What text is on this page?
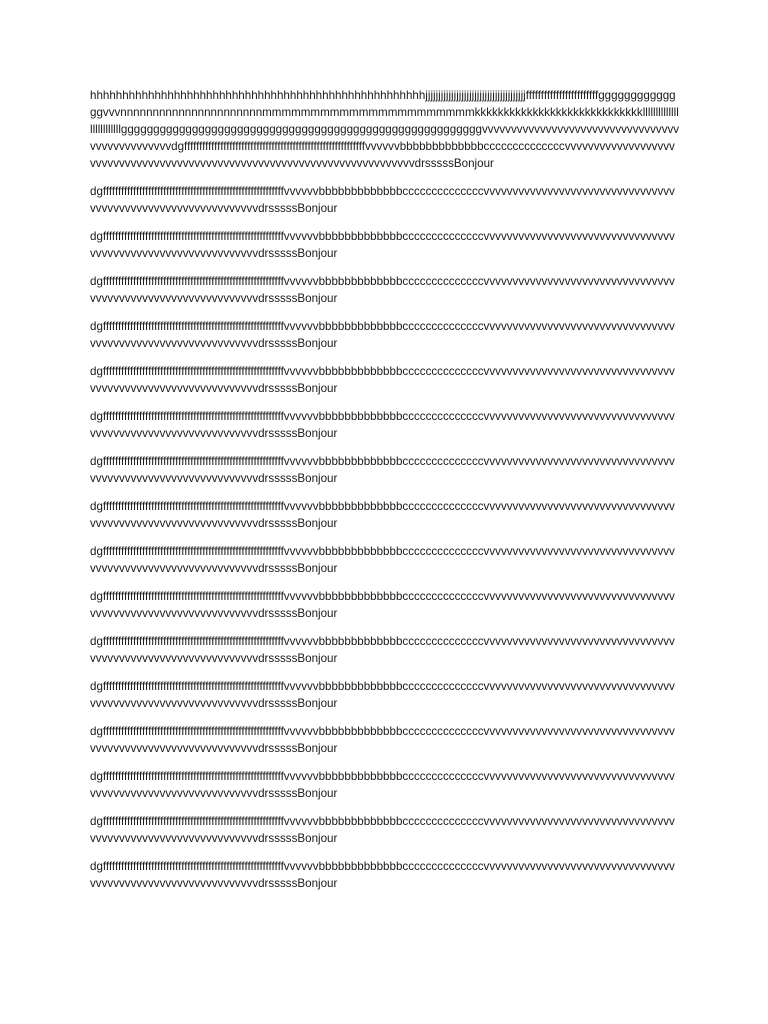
hhhhhhhhhhhhhhhhhhhhhhhhhhhhhhhhhhhhhhhhhhhhhhhhhhhhjjjjjjjjjjjjjjjjjjjjjjjjjjjjjjjjjjjjjjjffffffffffffffffffffffffggggggggggggggvvvnnnnnnnnnnnnnnnnnnnnnnmmmmmmmmmmmmmmmmmmmmmmkkkkkkkkkkkkkkkkkkkkkkkkkkkkkllllllllllllllllllllllllllggggggggggggggggggggggggggggggggggggggggggggggggggggggggvvvvvvvvvvvvvvvvvvvvvvvvvvvvvvvvvvvvvvvvvvvvvvvvdgffffffffffffffffffffffffffffffffffffffffffffffffffffffffffffvvvvvvbbbbbbbbbbbbbccccccccccccccvvvvvvvvvvvvvvvvvvvvvvvvvvvvvvvvvvvvvvvvvvvvvvvvvvvvvvvvvvvvvvvvvvvvvvvvvvvdrsssssBonjour

dgffffffffffffffffffffffffffffffffffffffffffffffffffffffffffffvvvvvvbbbbbbbbbbbbbccccccccccccccvvvvvvvvvvvvvvvvvvvvvvvvvvvvvvvvvvvvvvvvvvvvvvvvvvvvvvvvvvvvvvdrsssssBonjour

dgffffffffffffffffffffffffffffffffffffffffffffffffffffffffffffvvvvvvbbbbbbbbbbbbbccccccccccccccvvvvvvvvvvvvvvvvvvvvvvvvvvvvvvvvvvvvvvvvvvvvvvvvvvvvvvvvvvvvvvdrsssssBonjour

dgffffffffffffffffffffffffffffffffffffffffffffffffffffffffffffvvvvvvbbbbbbbbbbbbbccccccccccccccvvvvvvvvvvvvvvvvvvvvvvvvvvvvvvvvvvvvvvvvvvvvvvvvvvvvvvvvvvvvvvdrsssssBonjour

dgffffffffffffffffffffffffffffffffffffffffffffffffffffffffffffvvvvvvbbbbbbbbbbbbbccccccccccccccvvvvvvvvvvvvvvvvvvvvvvvvvvvvvvvvvvvvvvvvvvvvvvvvvvvvvvvvvvvvvvdrsssssBonjour

dgffffffffffffffffffffffffffffffffffffffffffffffffffffffffffffvvvvvvbbbbbbbbbbbbbccccccccccccccvvvvvvvvvvvvvvvvvvvvvvvvvvvvvvvvvvvvvvvvvvvvvvvvvvvvvvvvvvvvvvdrsssssBonjour

dgffffffffffffffffffffffffffffffffffffffffffffffffffffffffffffvvvvvvbbbbbbbbbbbbbccccccccccccccvvvvvvvvvvvvvvvvvvvvvvvvvvvvvvvvvvvvvvvvvvvvvvvvvvvvvvvvvvvvvvdrsssssBonjour

dgffffffffffffffffffffffffffffffffffffffffffffffffffffffffffffvvvvvvbbbbbbbbbbbbbccccccccccccccvvvvvvvvvvvvvvvvvvvvvvvvvvvvvvvvvvvvvvvvvvvvvvvvvvvvvvvvvvvvvvdrsssssBonjour

dgffffffffffffffffffffffffffffffffffffffffffffffffffffffffffffvvvvvvbbbbbbbbbbbbbccccccccccccccvvvvvvvvvvvvvvvvvvvvvvvvvvvvvvvvvvvvvvvvvvvvvvvvvvvvvvvvvvvvvvdrsssssBonjour

dgffffffffffffffffffffffffffffffffffffffffffffffffffffffffffffvvvvvvbbbbbbbbbbbbbccccccccccccccvvvvvvvvvvvvvvvvvvvvvvvvvvvvvvvvvvvvvvvvvvvvvvvvvvvvvvvvvvvvvvdrsssssBonjour

dgffffffffffffffffffffffffffffffffffffffffffffffffffffffffffffvvvvvvbbbbbbbbbbbbbccccccccccccccvvvvvvvvvvvvvvvvvvvvvvvvvvvvvvvvvvvvvvvvvvvvvvvvvvvvvvvvvvvvvvdrsssssBonjour

dgffffffffffffffffffffffffffffffffffffffffffffffffffffffffffffvvvvvvbbbbbbbbbbbbbccccccccccccccvvvvvvvvvvvvvvvvvvvvvvvvvvvvvvvvvvvvvvvvvvvvvvvvvvvvvvvvvvvvvvdrsssssBonjour

dgffffffffffffffffffffffffffffffffffffffffffffffffffffffffffffvvvvvvbbbbbbbbbbbbbccccccccccccccvvvvvvvvvvvvvvvvvvvvvvvvvvvvvvvvvvvvvvvvvvvvvvvvvvvvvvvvvvvvvvdrsssssBonjour

dgffffffffffffffffffffffffffffffffffffffffffffffffffffffffffffvvvvvvbbbbbbbbbbbbbccccccccccccccvvvvvvvvvvvvvvvvvvvvvvvvvvvvvvvvvvvvvvvvvvvvvvvvvvvvvvvvvvvvvvdrsssssBonjour

dgffffffffffffffffffffffffffffffffffffffffffffffffffffffffffffvvvvvvbbbbbbbbbbbbbccccccccccccccvvvvvvvvvvvvvvvvvvvvvvvvvvvvvvvvvvvvvvvvvvvvvvvvvvvvvvvvvvvvvvdrsssssBonjour

dgffffffffffffffffffffffffffffffffffffffffffffffffffffffffffffvvvvvvbbbbbbbbbbbbbccccccccccccccvvvvvvvvvvvvvvvvvvvvvvvvvvvvvvvvvvvvvvvvvvvvvvvvvvvvvvvvvvvvvvdrsssssBonjour

dgffffffffffffffffffffffffffffffffffffffffffffffffffffffffffffvvvvvvbbbbbbbbbbbbbccccccccccccccvvvvvvvvvvvvvvvvvvvvvvvvvvvvvvvvvvvvvvvvvvvvvvvvvvvvvvvvvvvvvvdrsssssBonjour
